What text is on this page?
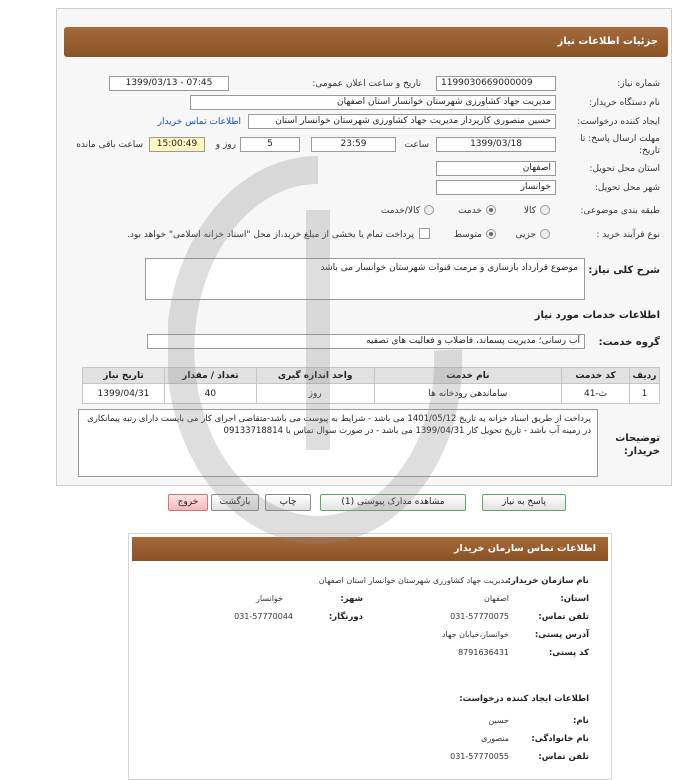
جزئیات اطلاعات نیاز
شماره نیاز:
1199030669000009
تاریخ و ساعت اعلان عمومی:
1399/03/13 - 07:45
نام دستگاه خریدار:
مدیریت جهاد کشاورزی شهرستان خوانسار استان اصفهان
ایجاد کننده درخواست:
حسین منصوری کارپرداز مدیریت جهاد کشاورزی شهرستان خوانسار استان
اطلاعات تماس خریدار
مهلت ارسال پاسخ: تا
تاریخ:
1399/03/18
ساعت
23:59
5
روز و
15:00:49
ساعت باقی مانده
استان محل تحویل:
اصفهان
شهر محل تحویل:
خوانسار
طبقه بندی موضوعی:
کالا
خدمت
کالا/خدمت
نوع فرآیند خرید :
جزیی
متوسط
پرداخت تمام یا بخشی از مبلغ خرید،از محل "اسناد خزانه اسلامی" خواهد بود.
شرح کلی نیاز:
موضوع قرارداد بازسازی و مرمت قنوات شهرستان خوانسار می باشد
اطلاعات خدمات مورد نیاز
گروه خدمت:
آب رسانی؛ مدیریت پسماند، فاضلاب و فعالیت های تصفیه
ردیف	کد خدمت	نام خدمت	واحد اندازه گیری	تعداد / مقدار	تاریخ نیاز
1	ث-41	ساماندهی رودخانه ها	روز	40	1399/04/31
توضیحات
خریدار:
پرداخت از طریق اسناد خزانه به تاریخ 1401/05/12 می باشد - شرایط به پیوست می باشد-متقاضی اجرای کار می بایست دارای رتبه پیمانکاری در زمینه آب باشد - تاریخ تحویل کار 1399/04/31 می باشد - در صورت سوال تماس با 09133718814
پاسخ به نیاز
مشاهده مدارک پیوستی (1)
چاپ
بازگشت
خروج
اطلاعات تماس سازمان خریدار
نام سازمان خریدار:
مدیریت جهاد کشاورزی شهرستان خوانسار استان اصفهان
استان:
اصفهان
شهر:
خوانسار
تلفن تماس:
031-57770075
دورنگار:
031-57770044
آدرس پستی:
خوانسار،خیابان جهاد
کد پستی:
8791636431
اطلاعات ایجاد کننده درخواست:
نام:
حسین
نام خانوادگی:
منصوری
تلفن تماس:
031-57770055
